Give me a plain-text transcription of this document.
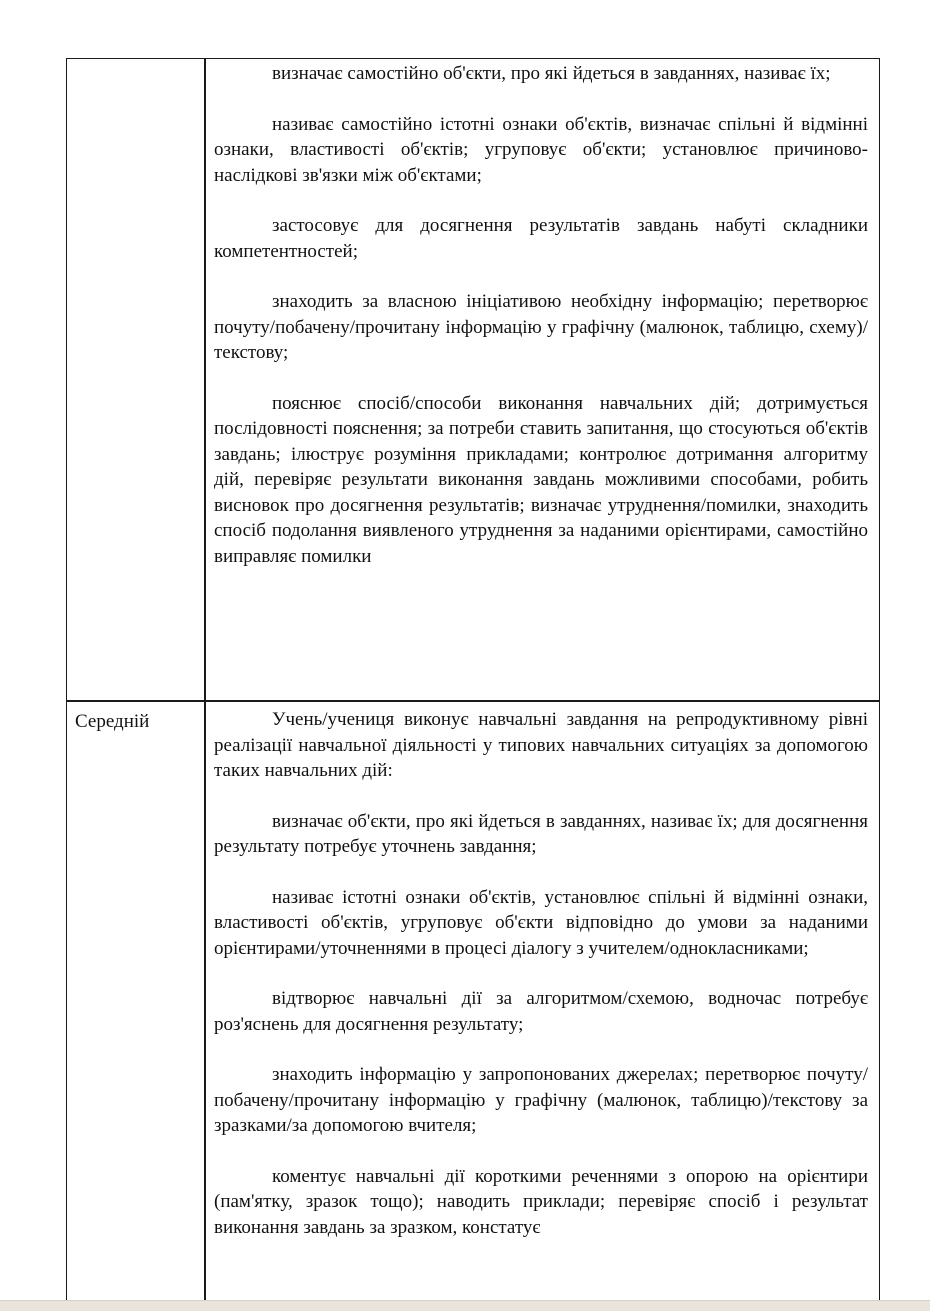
визначає самостійно об'єкти, про які йдеться в завданнях, називає їх;

називає самостійно істотні ознаки об'єктів, визначає спільні й відмінні ознаки, властивості об'єктів; угруповує об'єкти; установлює причиново-наслідкові зв'язки між об'єктами;

застосовує для досягнення результатів завдань набуті складники компетентностей;

знаходить за власною ініціативою необхідну інформацію; перетворює почуту/побачену/прочитану інформацію у графічну (малюнок, таблицю, схему)/текстову;

пояснює спосіб/способи виконання навчальних дій; дотримується послідовності пояснення; за потреби ставить запитання, що стосуються об'єктів завдань; ілюструє розуміння прикладами; контролює дотримання алгоритму дій, перевіряє результати виконання завдань можливими способами, робить висновок про досягнення результатів; визначає утруднення/помилки, знаходить спосіб подолання виявленого утруднення за наданими орієнтирами, самостійно виправляє помилки

Середній	Учень/учениця виконує навчальні завдання на репродуктивному рівні реалізації навчальної діяльності у типових навчальних ситуаціях за допомогою таких навчальних дій:

визначає об'єкти, про які йдеться в завданнях, називає їх; для досягнення результату потребує уточнень завдання;

називає істотні ознаки об'єктів, установлює спільні й відмінні ознаки, властивості об'єктів, угруповує об'єкти відповідно до умови за наданими орієнтирами/уточненнями в процесі діалогу з учителем/однокласниками;

відтворює навчальні дії за алгоритмом/схемою, водночас потребує роз'яснень для досягнення результату;

знаходить інформацію у запропонованих джерелах; перетворює почуту/побачену/прочитану інформацію у графічну (малюнок, таблицю)/текстову за зразками/за допомогою вчителя;

коментує навчальні дії короткими реченнями з опорою на орієнтири (пам'ятку, зразок тощо); наводить приклади; перевіряє спосіб і результат виконання завдань за зразком, констатує
